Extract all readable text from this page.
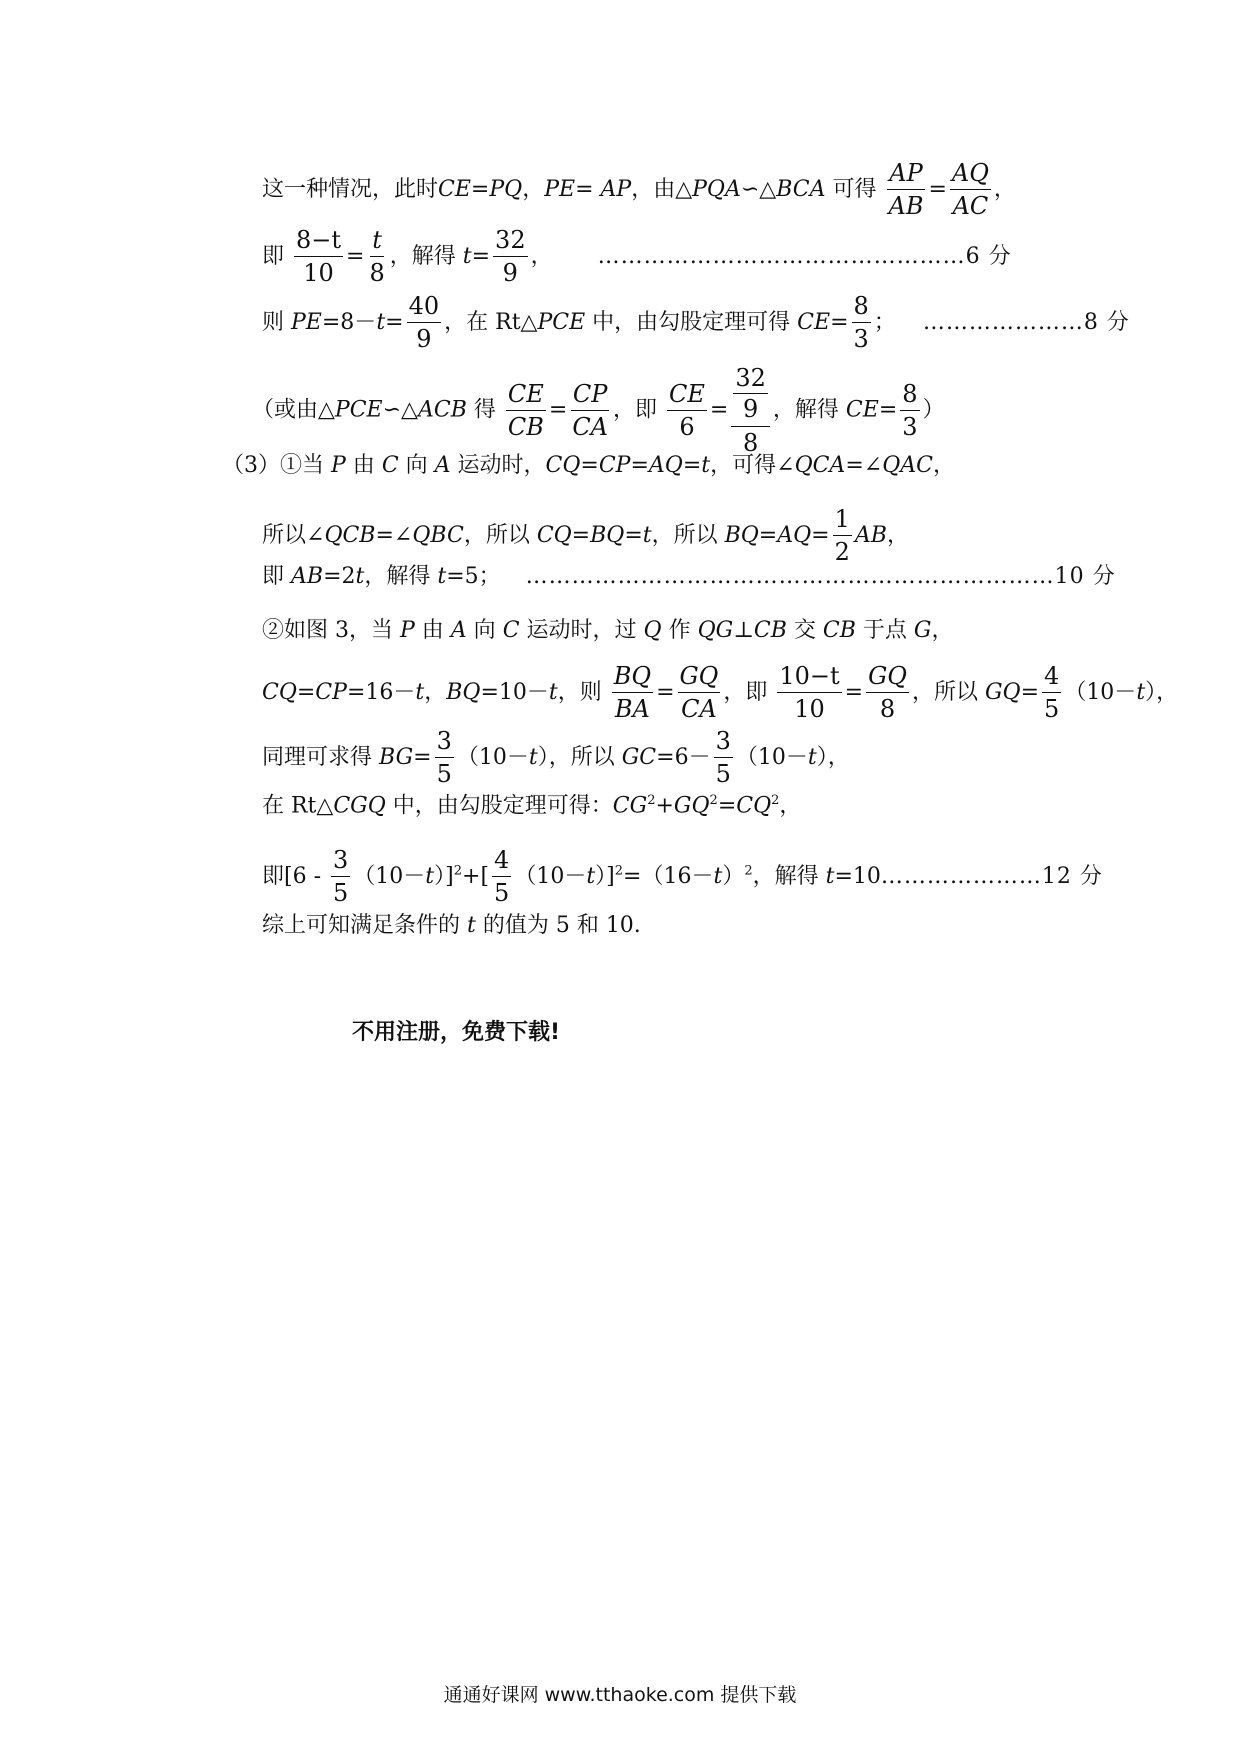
这一种情况，此时CE=PQ，PE= AP，由△PQA∽△BCA 可得 $\frac{AP}{AB} = \frac{AQ}{AC}$ ，
即 $\frac{8-t}{10} = \frac{t}{8}$ ，解得 $t= \frac{32}{9}$ ， …………………………………………6 分
则 $PE=8-t= \frac{40}{9}$ ，在 Rt△PCE 中，由勾股定理可得 $CE= \frac{8}{3}$ ； …………………8 分
（或由△PCE∽△ACB 得 $\frac{CE}{CB} = \frac{CP}{CA}$ ，即 $\frac{CE}{6} = \frac{\frac{32}{9}}{8}$ ，解得 $CE= \frac{8}{3}$ ）
（3）①当 P 由 C 向 A 运动时，CQ=CP=AQ=t，可得∠QCA=∠QAC，
所以∠QCB=∠QBC，所以 CQ=BQ=t，所以 $BQ=AQ= \frac{1}{2}$ AB，
即 AB=2t，解得 t=5； ……………………………………………………………10 分
②如图 3，当 P 由 A 向 C 运动时，过 Q 作 QG⊥CB 交 CB 于点 G，
CQ=CP=16－t，BQ=10－t，则 $\frac{BQ}{BA} = \frac{GQ}{CA}$ ，即 $\frac{10-t}{10} = \frac{GQ}{8}$ ，所以 $GQ= \frac{4}{5} (10-t)$，
同理可求得 $BG= \frac{3}{5} (10-t)$，所以 $GC=6- \frac{3}{5} (10-t)$，
在 Rt△CGQ 中，由勾股定理可得：$CG^2+GQ^2=CQ^2$，
即$[6 - \frac{3}{5} (10-t)]^2+[ \frac{4}{5} (10-t)]^2=(16-t)^2$，解得 t=10…………………12 分
综上可知满足条件的 t 的值为 5 和 10.
不用注册，免费下载!
通通好课网 www.tthaoke.com 提供下载
